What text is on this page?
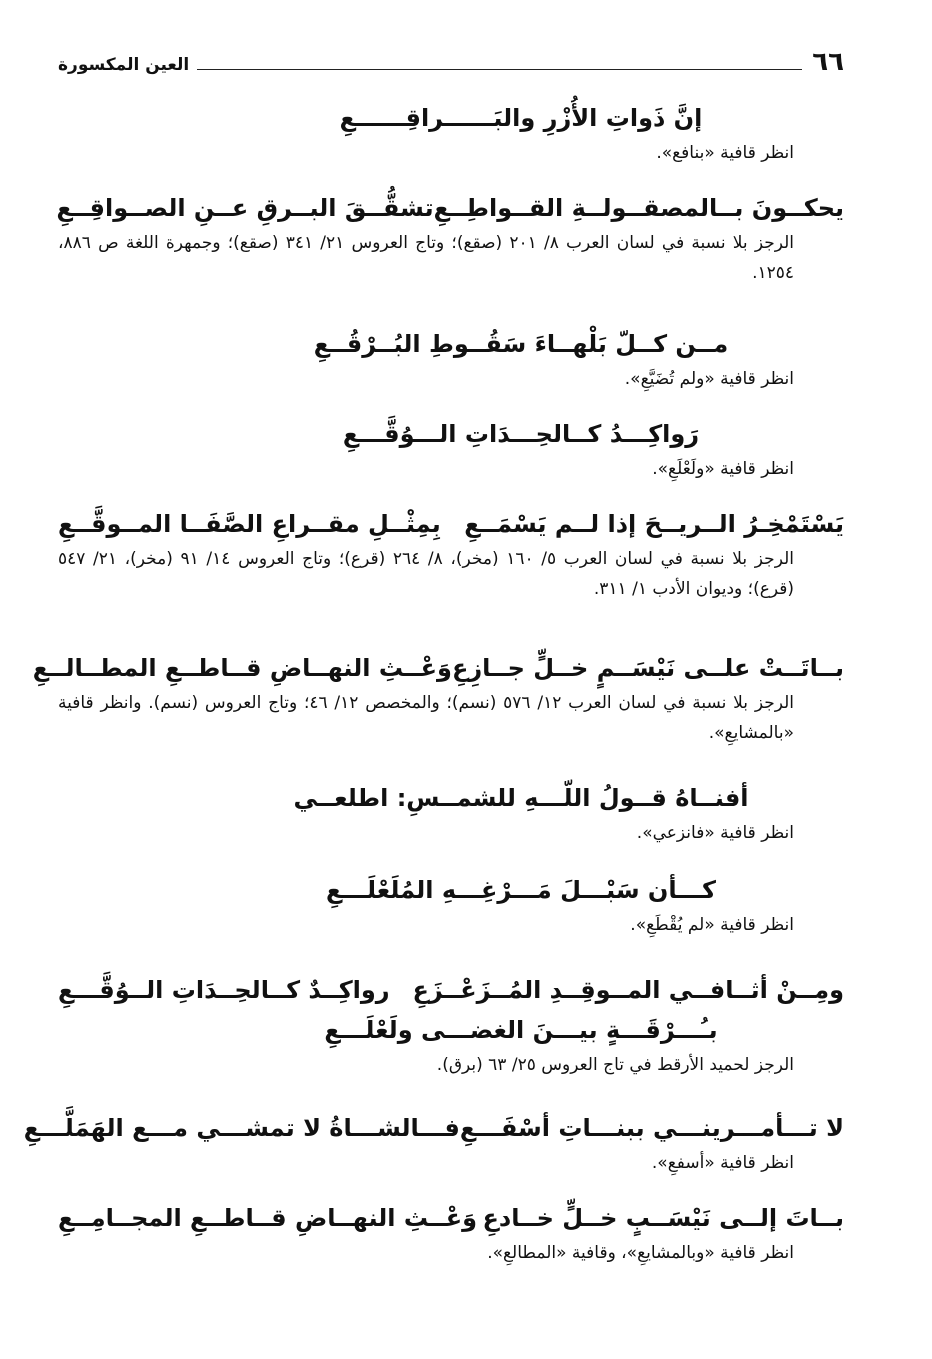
٦٦
العين المكسورة
إنَّ ذَواتِ الأُزْرِ والبَــــــراقِــــــعِ
انظر قافية «بنافع».
يحكــونَ بــالمصقــولــةِ القــواطِــعِ
تشقُّــقَ البــرقِ عــنِ الصــواقِــعِ
الرجز بلا نسبة في لسان العرب ٨/ ٢٠١ (صقع)؛ وتاج العروس ٢١/ ٣٤١ (صقع)؛ وجمهرة اللغة ص ٨٨٦، ١٢٥٤.
مــن كــلّ بَلْهــاءَ سَقُــوطِ البُــرْقُــعِ
انظر قافية «ولم تُضَيَّعِ».
رَواكِـــدُ كــالحِـــدَاتِ الـــوُقَّـــعِ
انظر قافية «ولَعْلَعِ».
يَسْتَمْخِـرُ الــريــحَ إذا لــم يَسْمَــعِ
بِمِثْــلِ مقــراعِ الصَّفَــا المــوقَّــعِ
الرجز بلا نسبة في لسان العرب ٥/ ١٦٠ (مخر)، ٨/ ٢٦٤ (قرع)؛ وتاج العروس ١٤/ ٩١ (مخر)، ٢١/ ٥٤٧ (قرع)؛ وديوان الأدب ١/ ٣١١.
بــاتَــتْ علــى نَيْسَــمٍ خــلٍّ جــازِعِ
وَعْــثِ النهــاضِ قــاطــعِ المطــالــعِ
الرجز بلا نسبة في لسان العرب ١٢/ ٥٧٦ (نسم)؛ والمخصص ١٢/ ٤٦؛ وتاج العروس (نسم). وانظر قافية «بالمشايعِ».
أفنــاهُ قــولُ اللّـــهِ للشمــسِ: اطلعــي
انظر قافية «فانزعي».
كـــأن سَبْـــلَ مَـــرْغِـــهِ المُلَعْلَـــعِ
انظر قافية «لم يُقْطَعِ».
ومِــنْ أثــافــي المــوقِــدِ المُــزَعْــزَعِ
رواكِــدٌ كــالحِــدَاتِ الــوُقَّـــعِ
بـُـــرْقَـــةٍ بيـــنَ الغضـــى ولَعْلَـــعِ
الرجز لحميد الأرقط في تاج العروس ٢٥/ ٦٣ (برق).
لا تـــأمـــرينـــي ببنـــاتِ أسْفَـــعِ
فـــالشـــاةُ لا تمشـــي مـــع الهَمَلَّـــعِ
انظر قافية «أسفعِ».
بــاتَ إلــى نَيْسَــبٍ خــلٍّ خــادعِ
وَعْــثِ النهــاضِ قــاطــعِ المجــامِــعِ
انظر قافية «وبالمشايعِ»، وقافية «المطالعِ».
